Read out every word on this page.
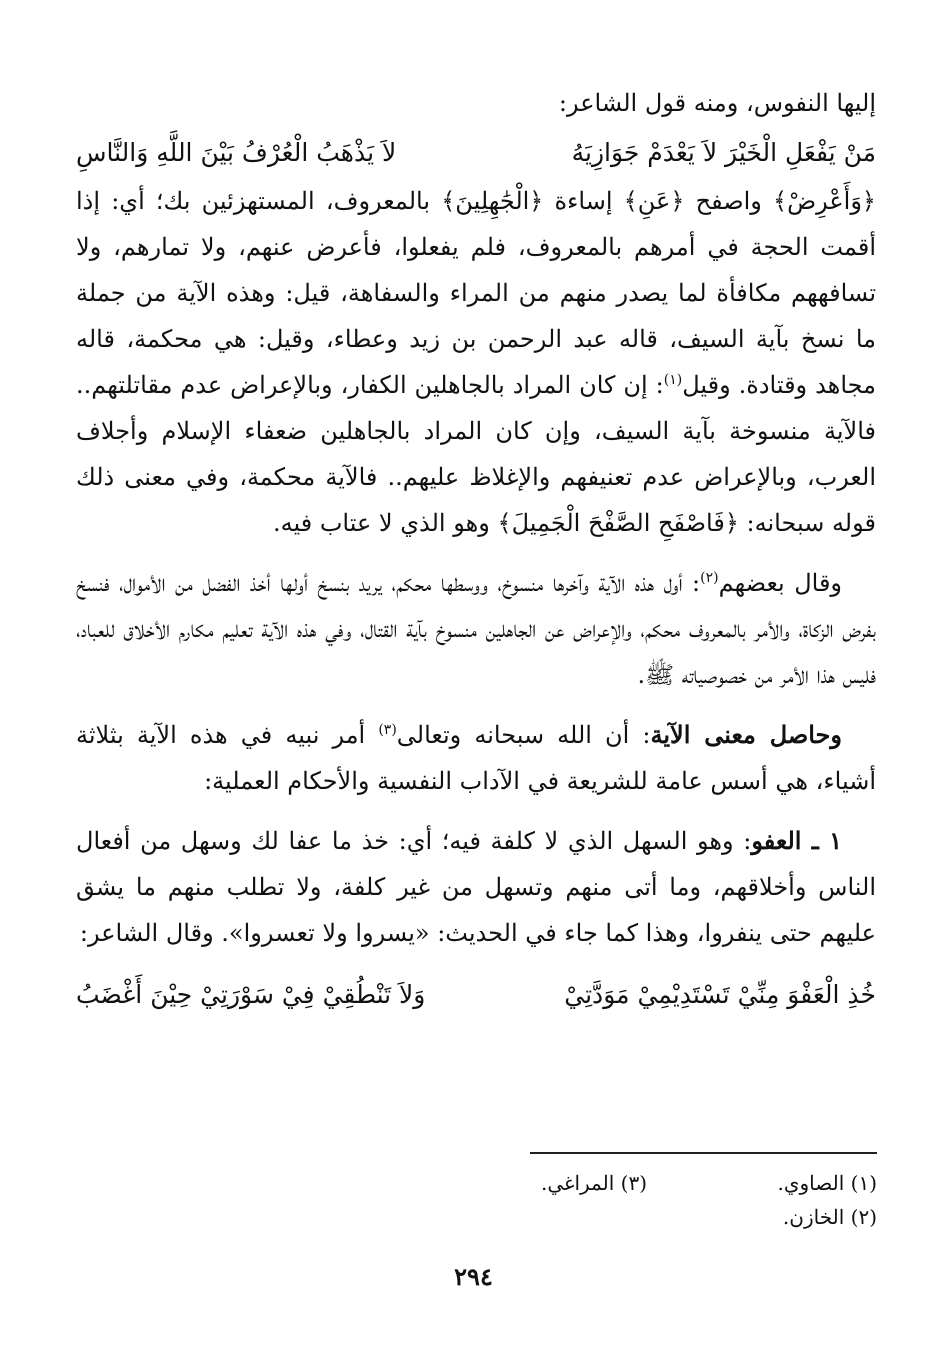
إليها النفوس، ومنه قول الشاعر:

مَنْ يَفْعَلِ الْخَيْرَ لاَ يَعْدَمْ جَوَازِيَهُ
لاَ يَذْهَبُ الْعُرْفُ بَيْنَ اللَّهِ وَالنَّاسِ

﴿وَأَعْرِضْ﴾ واصفح ﴿عَنِ﴾ إساءة ﴿الْجَٰهِلِينَ﴾ بالمعروف، المستهزئين بك؛ أي: إذا أقمت الحجة في أمرهم بالمعروف، فلم يفعلوا، فأعرض عنهم، ولا تمارهم، ولا تسافههم مكافأة لما يصدر منهم من المراء والسفاهة، قيل: وهذه الآية من جملة ما نسخ بآية السيف، قاله عبد الرحمن بن زيد وعطاء، وقيل: هي محكمة، قاله مجاهد وقتادة. وقيل$^{(١)}$: إن كان المراد بالجاهلين الكفار، وبالإعراض عدم مقاتلتهم.. فالآية منسوخة بآية السيف، وإن كان المراد بالجاهلين ضعفاء الإسلام وأجلاف العرب، وبالإعراض عدم تعنيفهم والإغلاظ عليهم.. فالآية محكمة، وفي معنى ذلك قوله سبحانه: ﴿فَاصْفَحِ الصَّفْحَ الْجَمِيلَ﴾ وهو الذي لا عتاب فيه.

وقال بعضهم$^{(٢)}$: أول هذه الآية وآخرها منسوخ، ووسطها محكم، يريد بنسخ أولها أخذ الفضل من الأموال، فنسخ بفرض الزكاة، والأمر بالمعروف محكم، والإعراض عن الجاهلين منسوخ بآية القتال، وفي هذه الآية تعليم مكارم الأخلاق للعباد، فليس هذا الأمر من خصوصياته ﷺ.

وحاصل معنى الآية: أن الله سبحانه وتعالى$^{(٣)}$ أمر نبيه في هذه الآية بثلاثة أشياء، هي أسس عامة للشريعة في الآداب النفسية والأحكام العملية:

١ ـ العفو: وهو السهل الذي لا كلفة فيه؛ أي: خذ ما عفا لك وسهل من أفعال الناس وأخلاقهم، وما أتى منهم وتسهل من غير كلفة، ولا تطلب منهم ما يشق عليهم حتى ينفروا، وهذا كما جاء في الحديث: «يسروا ولا تعسروا». وقال الشاعر:

خُذِ الْعَفْوَ مِنِّيْ تَسْتَدِيْمِيْ مَوَدَّتِيْ
وَلاَ تَنْطُقِيْ فِيْ سَوْرَتِيْ حِيْنَ أَغْضَبُ
(١) الصاوي.
(٣) المراغي.
(٢) الخازن.
٢٩٤
